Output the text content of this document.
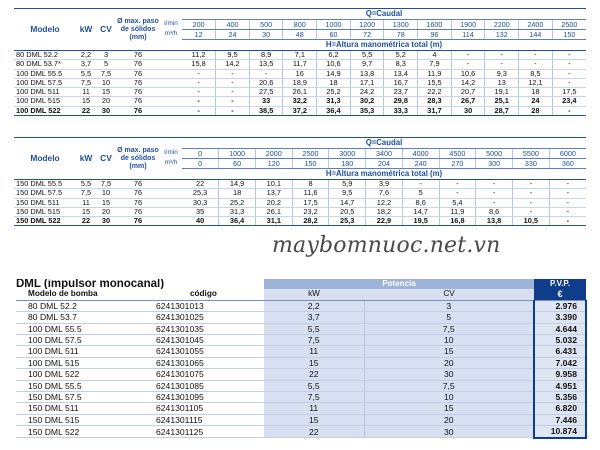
Modelo	kW	CV	Ø max. paso de sólidos (mm)		Q=Caudal											
				l/min	200	400	500	800	1000	1200	1300	1600	1900	2200	2400	2500
				m³/h	12	24	30	48	60	72	78	96	114	132	144	150
					H=Altura manométrica total (m)											
80 DML 52.2	2,2	3	76		11,2	9,5	8,9	7,1	6,2	5,5	5,2	4	-	-	-	-
80 DML 53.7*	3,7	5	76		15,8	14,2	13,5	11,7	10,6	9,7	8,3	7,9	-	-	-	-
100 DML 55.5	5,5	7,5	76		-	-	-	16	14,9	13,8	13,4	11,9	10,6	9,3	8,5	-
100 DML 57.5	7,5	10	76		-	-	20,6	18,9	18	17,1	16,7	15,5	14,2	13	12,1	-
100 DML 511	11	15	76		-	-	27,5	26,1	25,2	24,2	23,7	22,2	20,7	19,1	18	17,5
100 DML 515	15	20	76		-	-	33	32,2	31,3	30,2	29,8	28,3	26,7	25,1	24	23,4
100 DML 522	22	30	76		-	-	38,5	37,2	36,4	35,3	33,3	31,7	30	28,7	28	-
Modelo	kW	CV	Ø max. paso de sólidos (mm)		Q=Caudal										
				l/min	0	1000	2000	2500	3000	3400	4000	4500	5000	5500	6000
				m³/h	0	60	120	150	180	204	240	270	300	330	360
					H=Altura manométrica total (m)										
150 DML 55.5	5,5	7,5	76		22	14,9	10,1	8	5,9	3,9	-	-	-	-	-
150 DML 57.5	7,5	10	76		25,3	18	13,7	11,6	9,5	7,6	5	-	-	-	-
150 DML 511	11	15	76		30,3	25,2	20,2	17,5	14,7	12,2	8,6	5,4	-	-	-
150 DML 515	15	20	76		35	31,3	26,1	23,2	20,5	18,2	14,7	11,9	8,6	-	-
150 DML 522	22	30	76		40	36,4	31,1	28,2	25,3	22,9	19,5	16,8	13,8	10,5	-
maybomnuoc.net.vn
DML (impulsor monocanal)		Potencia		P.V.P.
Modelo de bomba	código	kW	CV	€
80 DML 52.2	6241301013	2,2	3	2.976
80 DML 53.7	6241301025	3,7	5	3.390
100 DML 55.5	6241301035	5,5	7,5	4.644
100 DML 57.5	6241301045	7,5	10	5.032
100 DML 511	6241301055	11	15	6.431
100 DML 515	6241301065	15	20	7.042
100 DML 522	6241301075	22	30	9.958
150 DML 55.5	6241301085	5,5	7,5	4.951
150 DML 57.5	6241301095	7,5	10	5.356
150 DML 511	6241301105	11	15	6.820
150 DML 515	6241301115	15	20	7.446
150 DML 522	6241301125	22	30	10.874
